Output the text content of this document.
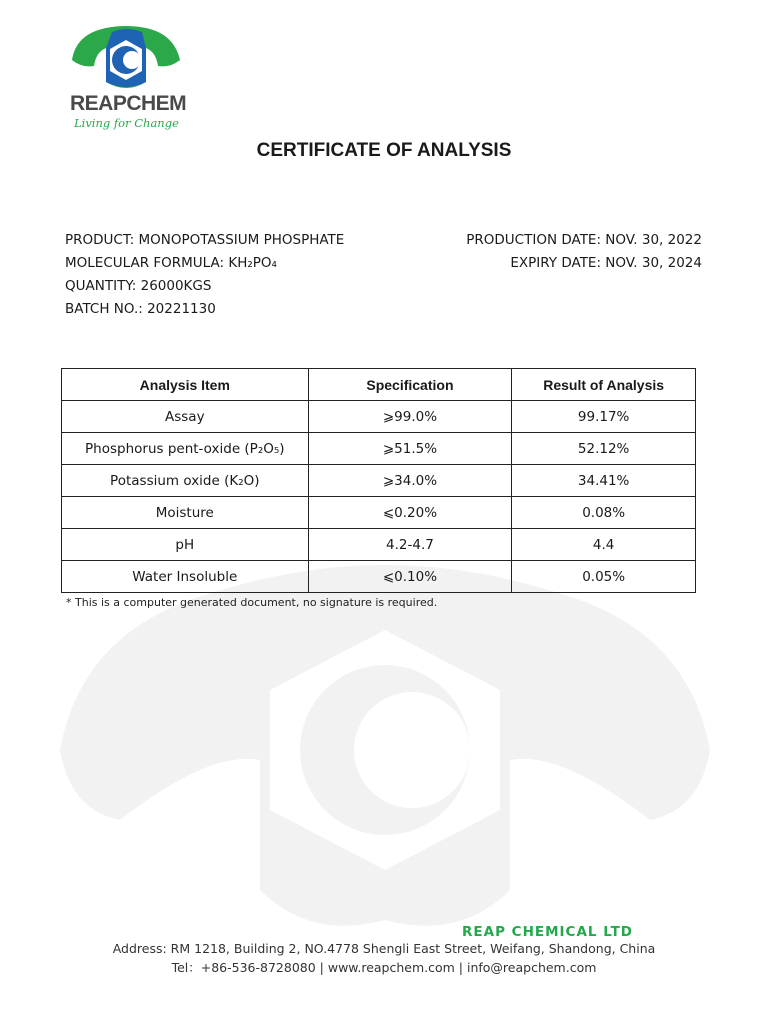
REAPCHEM
Living for Change
CERTIFICATE OF ANALYSIS
PRODUCT: MONOPOTASSIUM PHOSPHATE
MOLECULAR FORMULA: KH₂PO₄
QUANTITY: 26000KGS
BATCH NO.: 20221130
PRODUCTION DATE: NOV. 30, 2022
EXPIRY DATE: NOV. 30, 2024
Analysis Item	Specification	Result of Analysis
Assay	⩾99.0%	99.17%
Phosphorus pent-oxide (P₂O₅)	⩾51.5%	52.12%
Potassium oxide (K₂O)	⩾34.0%	34.41%
Moisture	⩽0.20%	0.08%
pH	4.2-4.7	4.4
Water Insoluble	⩽0.10%	0.05%
* This is a computer generated document, no signature is required.
REAP CHEMICAL LTD
Address: RM 1218, Building 2, NO.4778 Shengli East Street, Weifang, Shandong, China
Tel：+86-536-8728080 | www.reapchem.com | info@reapchem.com
